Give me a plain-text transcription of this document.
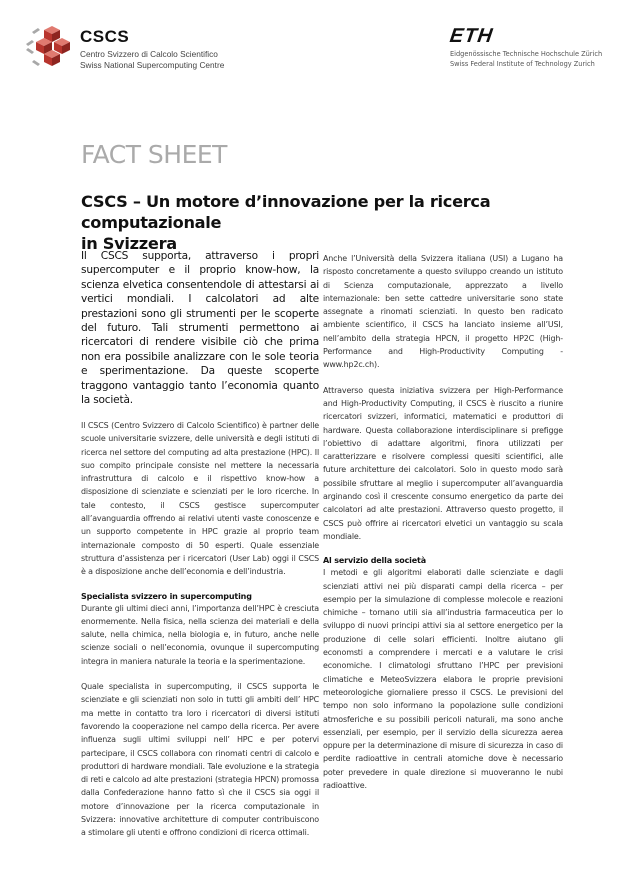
CSCS
Centro Svizzero di Calcolo Scientifico
Swiss National Supercomputing Centre
ETH
Eidgenössische Technische Hochschule Zürich
Swiss Federal Institute of Technology Zurich
FACT SHEET
CSCS – Un motore d’innovazione per la ricerca computazionale
in Svizzera
Il CSCS supporta, attraverso i propri supercomputer e il proprio know-how, la scienza elvetica consentendole di attestarsi ai vertici mondiali. I calcolatori ad alte prestazioni sono gli strumenti per le scoperte del futuro. Tali strumenti permettono ai ricercatori di rendere visibile ciò che prima non era possibile analizzare con le sole teoria e sperimentazione. Da queste scoperte traggono vantaggio tanto l’economia quanto la società.

Il CSCS (Centro Svizzero di Calcolo Scientifico) è partner delle scuole universitarie svizzere, delle università e degli istituti di ricerca nel settore del computing ad alta prestazione (HPC). Il suo compito principale consiste nel mettere la necessaria infrastruttura di calcolo e il rispettivo know-how a disposizione di scienziate e scienziati per le loro ricerche. In tale contesto, il CSCS gestisce supercomputer all’avanguardia offrendo ai relativi utenti vaste conoscenze e un supporto competente in HPC grazie al proprio team internazionale composto di 50 esperti. Quale essenziale struttura d’assistenza per i ricercatori (User Lab) oggi il CSCS è a disposizione anche dell’economia e dell’industria.

Specialista svizzero in supercomputing

Durante gli ultimi dieci anni, l’importanza dell’HPC è cresciuta enormemente. Nella fisica, nella scienza dei materiali e della salute, nella chimica, nella biologia e, in futuro, anche nelle scienze sociali o nell’economia, ovunque il supercomputing integra in maniera naturale la teoria e la sperimentazione.

Quale specialista in supercomputing, il CSCS supporta le scienziate e gli scienziati non solo in tutti gli ambiti dell’ HPC ma mette in contatto tra loro i ricercatori di diversi istituti favorendo la cooperazione nel campo della ricerca. Per avere influenza sugli ultimi sviluppi nell’ HPC e per potervi partecipare, il CSCS collabora con rinomati centri di calcolo e produttori di hardware mondiali. Tale evoluzione e la strategia di reti e calcolo ad alte prestazioni (strategia HPCN) promossa dalla Confederazione hanno fatto sì che il CSCS sia oggi il motore d’innovazione per la ricerca computazionale in Svizzera: innovative architetture di computer contribuiscono a stimolare gli utenti e offrono condizioni di ricerca ottimali.

Anche l’Università della Svizzera italiana (USI) a Lugano ha risposto concretamente a questo sviluppo creando un istituto di Scienza computazionale, apprezzato a livello internazionale: ben sette cattedre universitarie sono state assegnate a rinomati scienziati. In questo ben radicato ambiente scientifico, il CSCS ha lanciato insieme all’USI, nell’ambito della strategia HPCN, il progetto HP2C (High-Performance and High-Productivity Computing - www.hp2c.ch).

Attraverso questa iniziativa svizzera per High-Performance and High-Productivity Computing, il CSCS è riuscito a riunire ricercatori svizzeri, informatici, matematici e produttori di hardware. Questa collaborazione interdisciplinare si prefigge l’obiettivo di adattare algoritmi, finora utilizzati per caratterizzare e risolvere complessi quesiti scientifici, alle future architetture dei calcolatori. Solo in questo modo sarà possibile sfruttare al meglio i supercomputer all’avanguardia arginando così il crescente consumo energetico da parte dei calcolatori ad alte prestazioni. Attraverso questo progetto, il CSCS può offrire ai ricercatori elvetici un vantaggio su scala mondiale.

Al servizio della società

I metodi e gli algoritmi elaborati dalle scienziate e dagli scienziati attivi nei più disparati campi della ricerca – per esempio per la simulazione di complesse molecole e reazioni chimiche – tornano utili sia all’industria farmaceutica per lo sviluppo di nuovi principi attivi sia al settore energetico per la produzione di celle solari efficienti. Inoltre aiutano gli economsti a comprendere i mercati e a valutare le crisi economiche. I climatologi sfruttano l’HPC per previsioni climatiche e MeteoSvizzera elabora le proprie previsioni meteorologiche giornaliere presso il CSCS. Le previsioni del tempo non solo informano la popolazione sulle condizioni atmosferiche e su possibili pericoli naturali, ma sono anche essenziali, per esempio, per il servizio della sicurezza aerea oppure per la determinazione di misure di sicurezza in caso di perdite radioattive in centrali atomiche dove è necessario poter prevedere in quale direzione si muoveranno le nubi radioattive.
